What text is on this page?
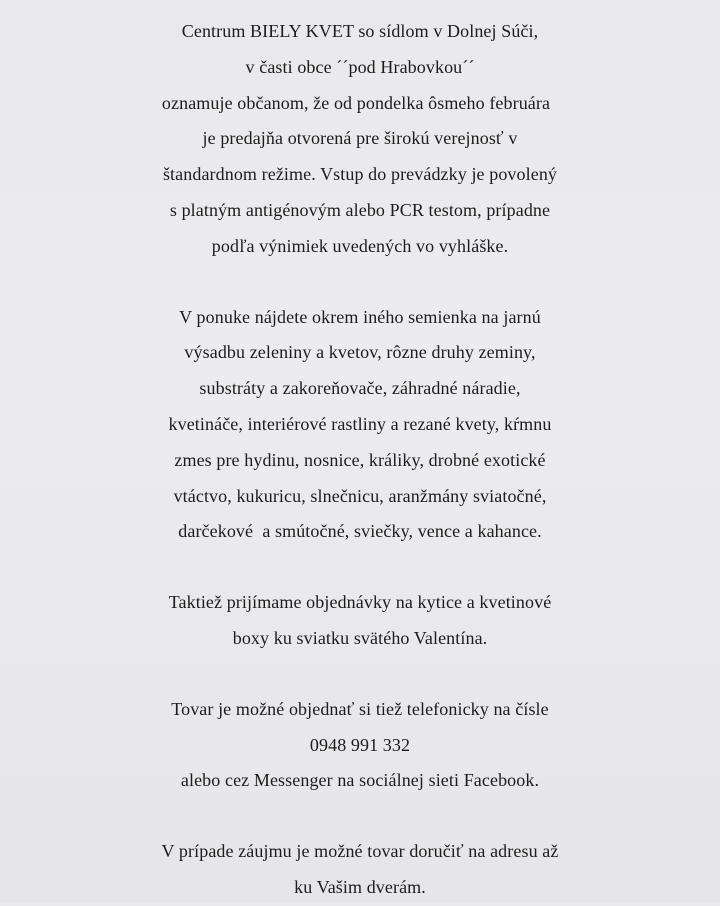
Centrum BIELY KVET so sídlom v Dolnej Súči,
v časti obce ´´pod Hrabovkou´´
oznamuje občanom, že od pondelka ôsmeho februára
je predajňa otvorená pre širokú verejnosť v
štandardnom režime. Vstup do prevádzky je povolený
s platným antigénovým alebo PCR testom, prípadne
podľa výnimiek uvedených vo vyhláške.

V ponuke nájdete okrem iného semienka na jarnú
výsadbu zeleniny a kvetov, rôzne druhy zeminy,
substráty a zakoreňovače, záhradné náradie,
kvetináče, interiérové rastliny a rezané kvety, kŕmnu
zmes pre hydinu, nosnice, králiky, drobné exotické
vtáctvo, kukuricu, slnečnicu, aranžmány sviatočné,
darčekové  a smútočné, sviečky, vence a kahance.

Taktiež prijímame objednávky na kytice a kvetinové
boxy ku sviatku svätého Valentína.

Tovar je možné objednať si tiež telefonicky na čísle
0948 991 332
alebo cez Messenger na sociálnej sieti Facebook.

V prípade záujmu je možné tovar doručiť na adresu až
ku Vašim dverám.
